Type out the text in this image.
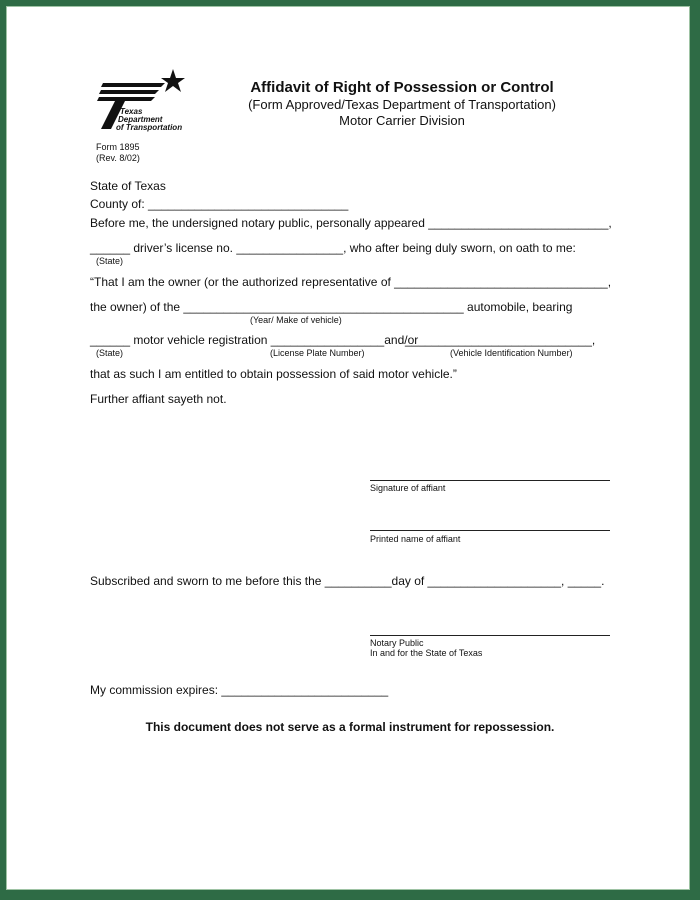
Texas
Department
of Transportation
Affidavit of Right of Possession or Control
(Form Approved/Texas Department of Transportation)
Motor Carrier Division
Form 1895
(Rev. 8/02)
State of Texas
County of: ______________________________
Before me, the undersigned notary public, personally appeared ___________________________,
______ driver’s license no. ________________, who after being duly sworn, on oath to me:
(State)
“That I am the owner (or the authorized representative of ________________________________,
the owner) of the __________________________________________ automobile, bearing
(Year/ Make of vehicle)
______ motor vehicle registration _________________and/or
____________________________,
(State)	(License Plate Number)	(Vehicle Identification Number)
that as such I am entitled to obtain possession of said motor vehicle.”
Further affiant sayeth not.
Signature of affiant
Printed name of affiant
Subscribed and sworn to me before this the __________day of ____________________, _____.
Notary Public
In and for the State of Texas
My commission expires: _________________________
This document does not serve as a formal instrument for repossession.
